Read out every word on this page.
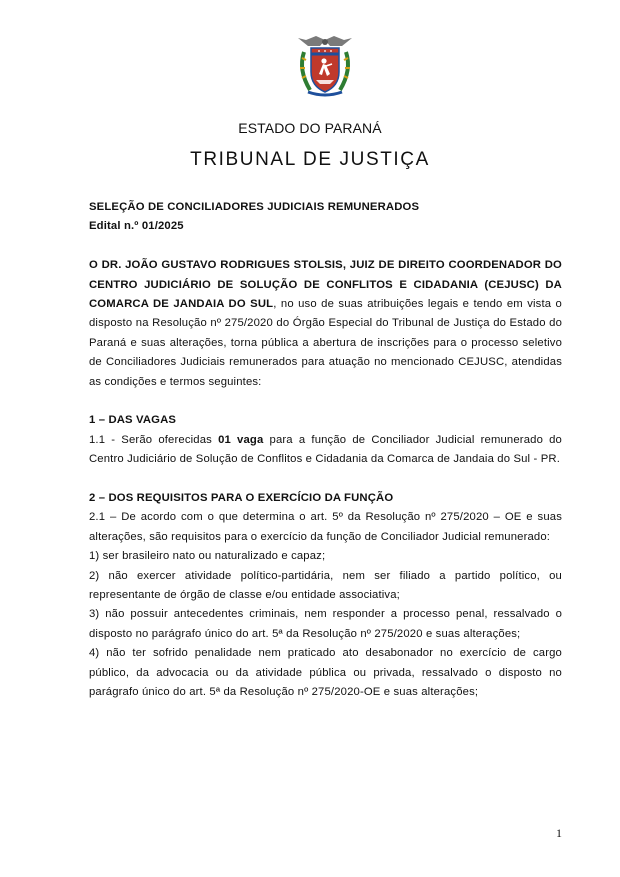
ESTADO DO PARANÁ
TRIBUNAL DE JUSTIÇA

SELEÇÃO DE CONCILIADORES JUDICIAIS REMUNERADOS

Edital n.º 01/2025

O DR. JOÃO GUSTAVO RODRIGUES STOLSIS, JUIZ DE DIREITO COORDENADOR DO CENTRO JUDICIÁRIO DE SOLUÇÃO DE CONFLITOS E CIDADANIA (CEJUSC) DA COMARCA DE JANDAIA DO SUL, no uso de suas atribuições legais e tendo em vista o disposto na Resolução nº 275/2020 do Órgão Especial do Tribunal de Justiça do Estado do Paraná e suas alterações, torna pública a abertura de inscrições para o processo seletivo de Conciliadores Judiciais remunerados para atuação no mencionado CEJUSC, atendidas as condições e termos seguintes:

1 – DAS VAGAS

1.1 - Serão oferecidas 01 vaga para a função de Conciliador Judicial remunerado do Centro Judiciário de Solução de Conflitos e Cidadania da Comarca de Jandaia do Sul - PR.

2 – DOS REQUISITOS PARA O EXERCÍCIO DA FUNÇÃO

2.1 – De acordo com o que determina o art. 5º da Resolução nº 275/2020 – OE e suas alterações, são requisitos para o exercício da função de Conciliador Judicial remunerado:

1) ser brasileiro nato ou naturalizado e capaz;

2) não exercer atividade político-partidária, nem ser filiado a partido político, ou representante de órgão de classe e/ou entidade associativa;

3) não possuir antecedentes criminais, nem responder a processo penal, ressalvado o disposto no parágrafo único do art. 5ª da Resolução nº 275/2020 e suas alterações;

4) não ter sofrido penalidade nem praticado ato desabonador no exercício de cargo público, da advocacia ou da atividade pública ou privada, ressalvado o disposto no parágrafo único do art. 5ª da Resolução nº 275/2020-OE e suas alterações;

1
